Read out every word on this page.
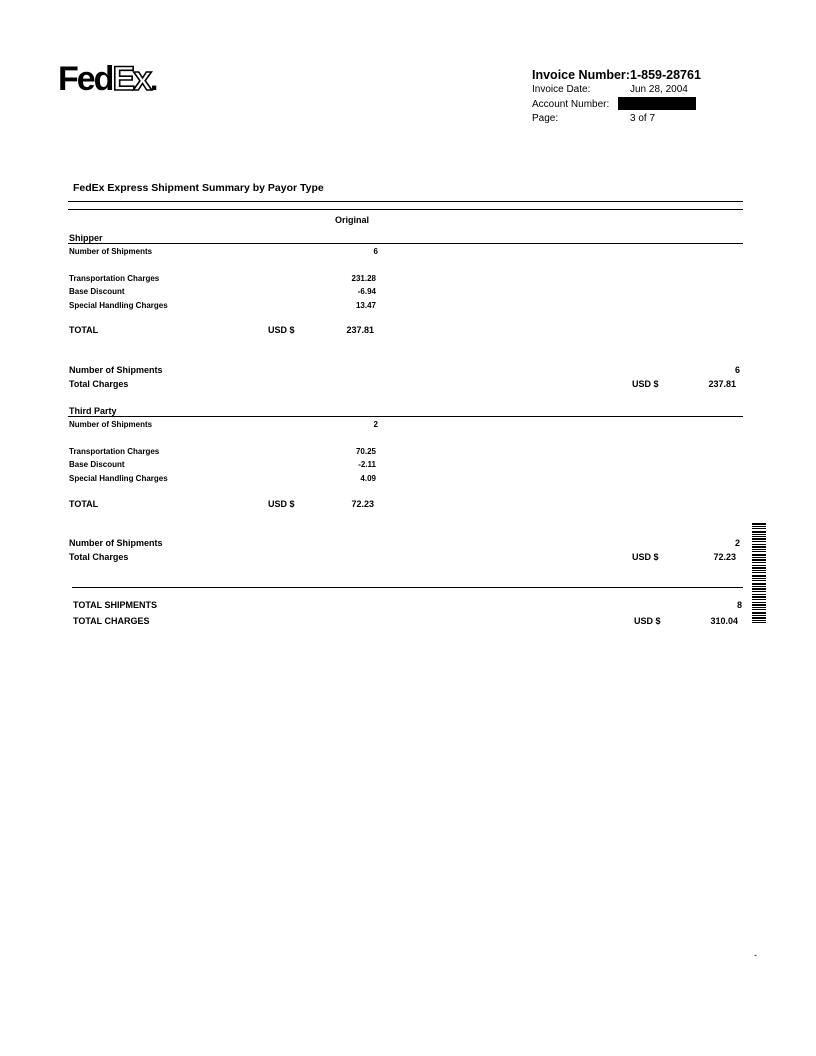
FedEx.	Invoice Number: 1-859-28761
Invoice Date:	Jun 28, 2004
Account Number:
Page:	3 of 7
FedEx Express Shipment Summary by Payor Type
Original
Shipper
Number of Shipments	6
Transportation Charges	231.28
Base Discount	-6.94
Special Handling Charges	13.47
TOTAL	USD $	237.81
Number of Shipments	6
Total Charges	USD $	237.81
Third Party
Number of Shipments	2
Transportation Charges	70.25
Base Discount	-2.11
Special Handling Charges	4.09
TOTAL	USD $	72.23
Number of Shipments	2
Total Charges	USD $	72.23
TOTAL SHIPMENTS	8
TOTAL CHARGES	USD $	310.04
-
